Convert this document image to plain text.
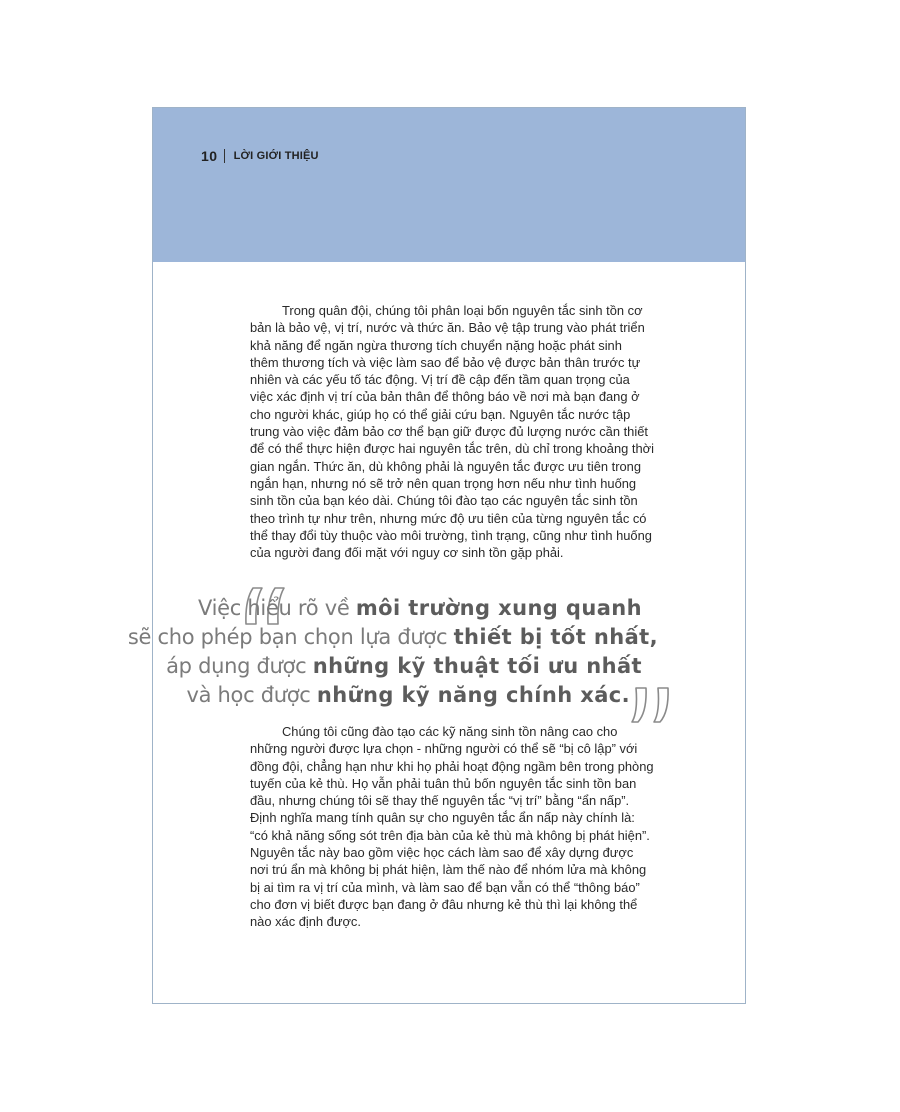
10 LỜI GIỚI THIỆU

Trong quân đội, chúng tôi phân loại bốn nguyên tắc sinh tồn cơ bản là bảo vệ, vị trí, nước và thức ăn. Bảo vệ tập trung vào phát triển khả năng để ngăn ngừa thương tích chuyển nặng hoặc phát sinh thêm thương tích và việc làm sao để bảo vệ được bản thân trước tự nhiên và các yếu tố tác động. Vị trí đề cập đến tầm quan trọng của việc xác định vị trí của bản thân để thông báo về nơi mà bạn đang ở cho người khác, giúp họ có thể giải cứu bạn. Nguyên tắc nước tập trung vào việc đảm bảo cơ thể bạn giữ được đủ lượng nước cần thiết để có thể thực hiện được hai nguyên tắc trên, dù chỉ trong khoảng thời gian ngắn. Thức ăn, dù không phải là nguyên tắc được ưu tiên trong ngắn hạn, nhưng nó sẽ trở nên quan trọng hơn nếu như tình huống sinh tồn của bạn kéo dài. Chúng tôi đào tạo các nguyên tắc sinh tồn theo trình tự như trên, nhưng mức độ ưu tiên của từng nguyên tắc có thể thay đổi tùy thuộc vào môi trường, tình trạng, cũng như tình huống của người đang đối mặt với nguy cơ sinh tồn gặp phải.

Việc hiểu rõ về môi trường xung quanh
sẽ cho phép bạn chọn lựa được thiết bị tốt nhất,
áp dụng được những kỹ thuật tối ưu nhất
và học được những kỹ năng chính xác.

Chúng tôi cũng đào tạo các kỹ năng sinh tồn nâng cao cho những người được lựa chọn - những người có thể sẽ “bị cô lập” với đồng đội, chẳng hạn như khi họ phải hoạt động ngầm bên trong phòng tuyến của kẻ thù. Họ vẫn phải tuân thủ bốn nguyên tắc sinh tồn ban đầu, nhưng chúng tôi sẽ thay thế nguyên tắc “vị trí” bằng “ẩn nấp”. Định nghĩa mang tính quân sự cho nguyên tắc ẩn nấp này chính là: “có khả năng sống sót trên địa bàn của kẻ thù mà không bị phát hiện”. Nguyên tắc này bao gồm việc học cách làm sao để xây dựng được nơi trú ẩn mà không bị phát hiện, làm thế nào để nhóm lửa mà không bị ai tìm ra vị trí của mình, và làm sao để bạn vẫn có thể “thông báo” cho đơn vị biết được bạn đang ở đâu nhưng kẻ thù thì lại không thể nào xác định được.
